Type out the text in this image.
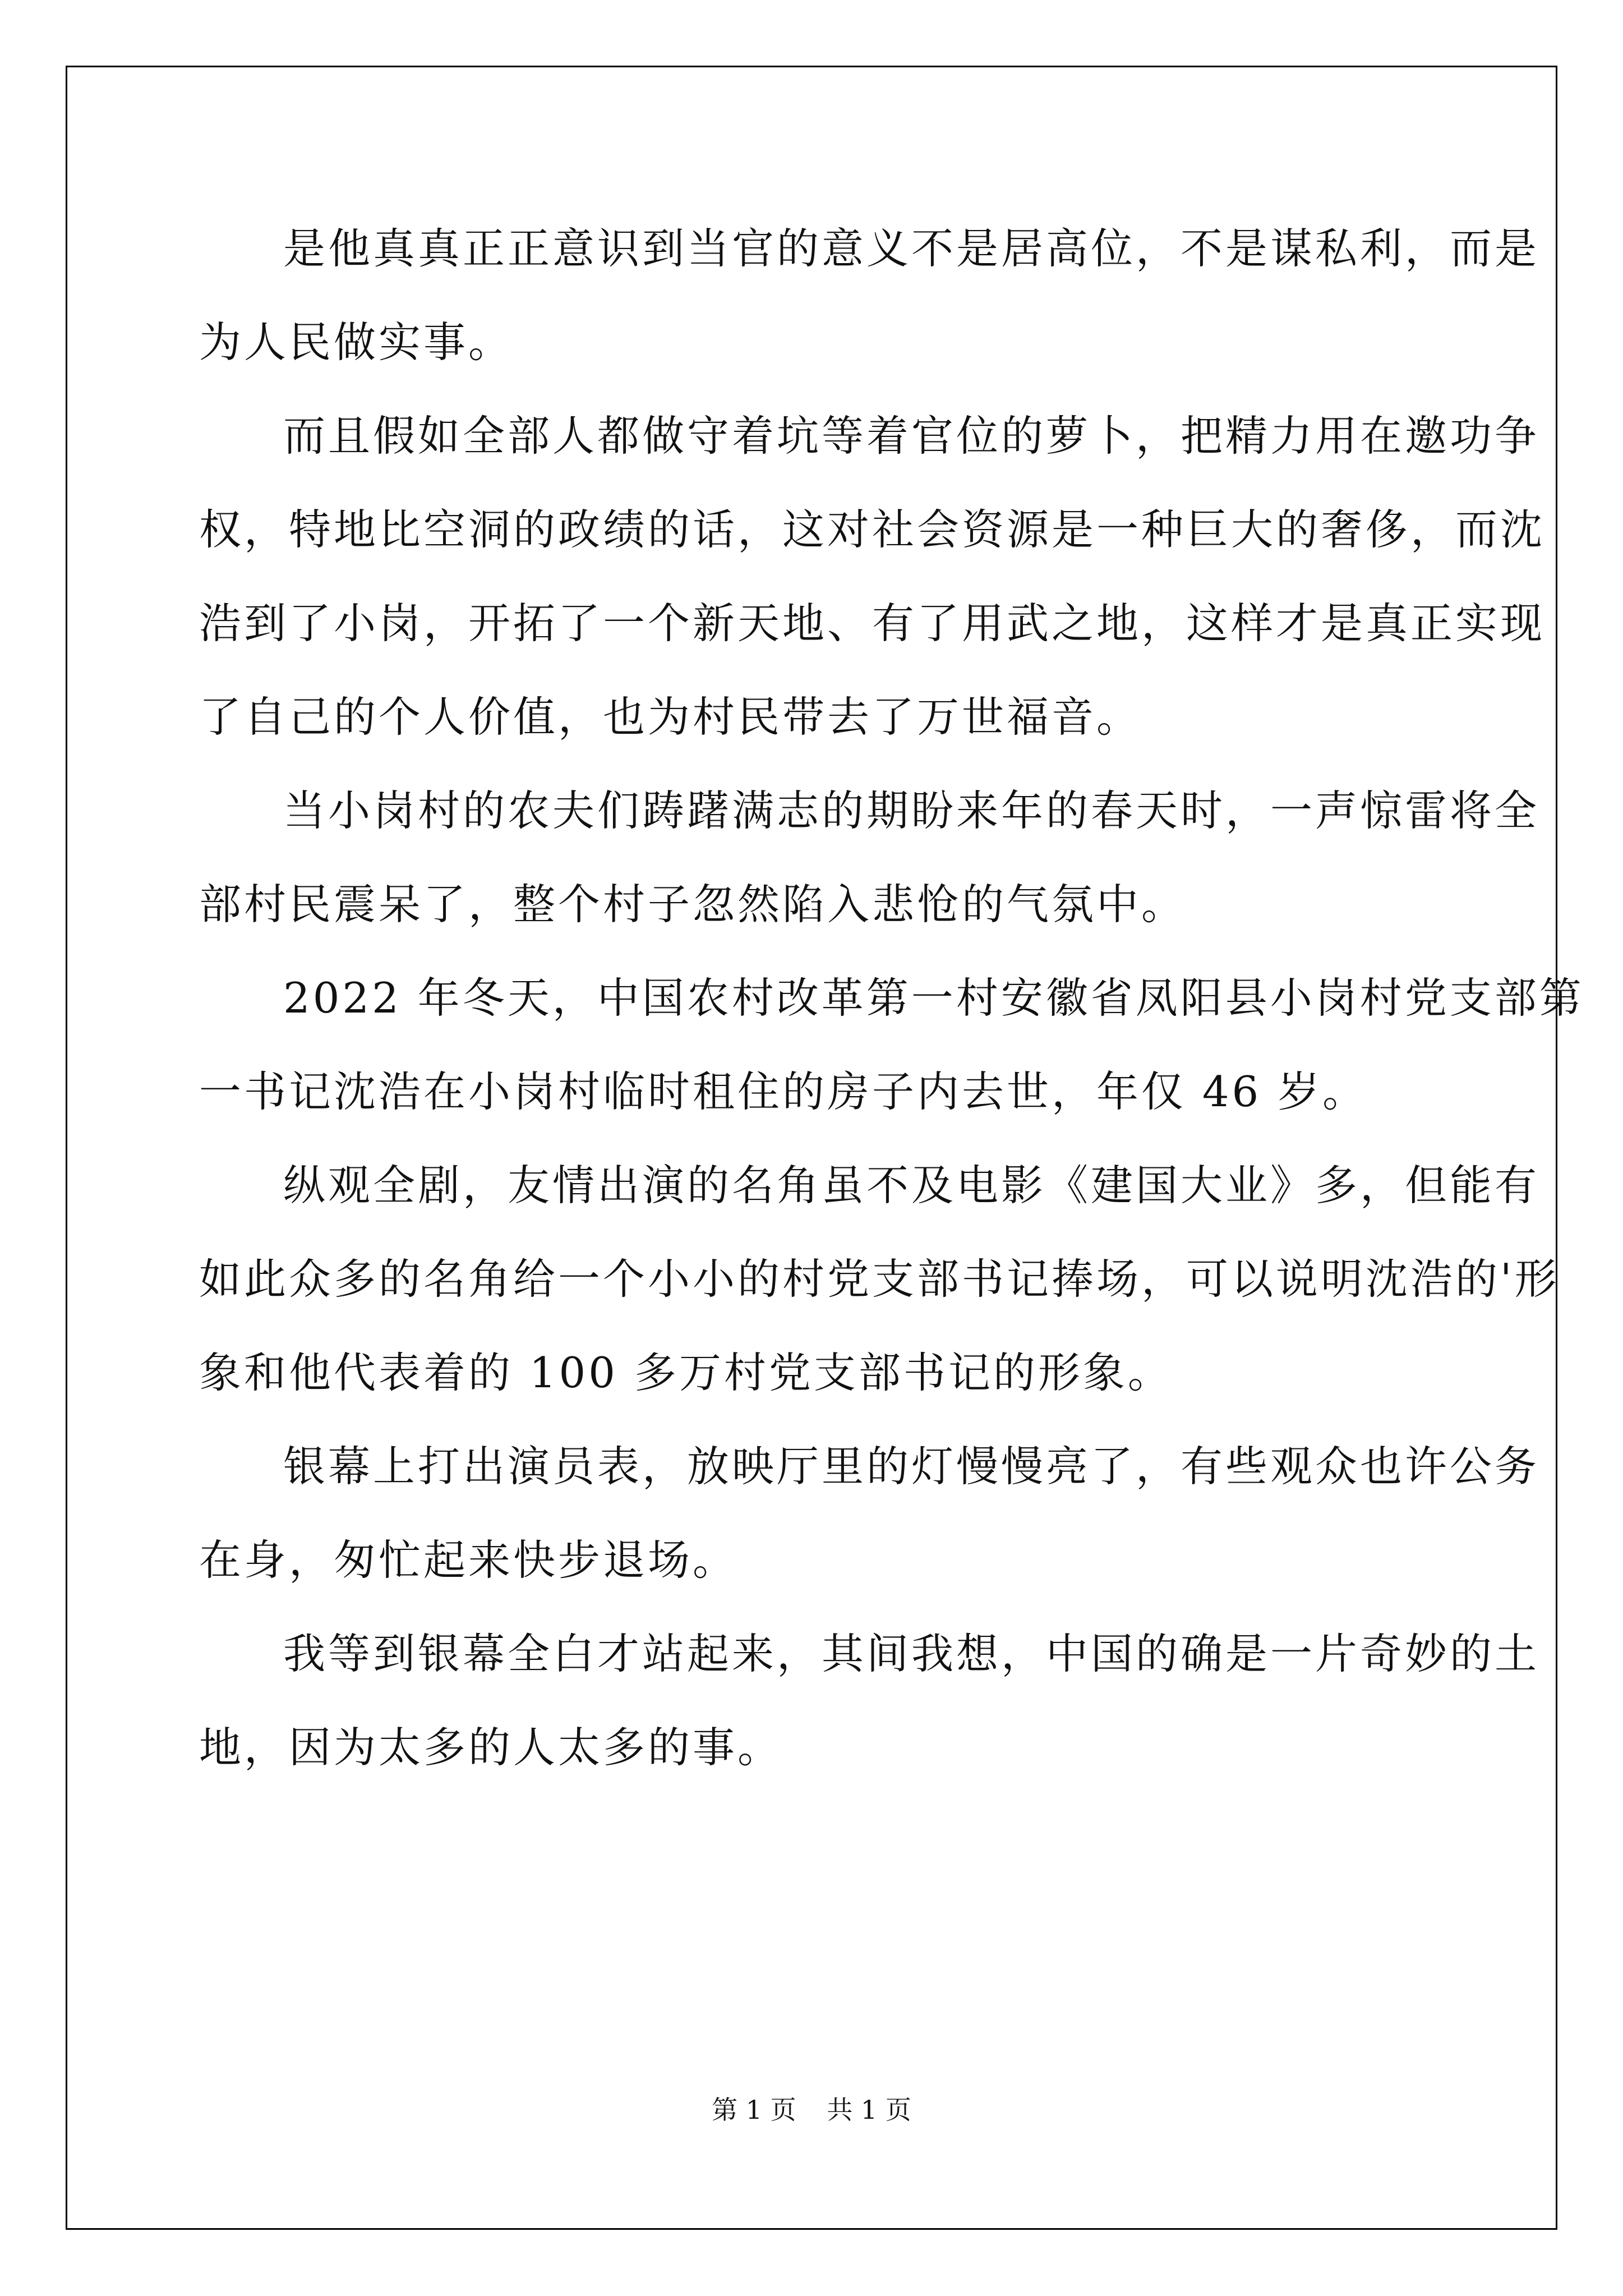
是他真真正正意识到当官的意义不是居高位，不是谋私利，而是
为人民做实事。

而且假如全部人都做守着坑等着官位的萝卜，把精力用在邀功争
权，特地比空洞的政绩的话，这对社会资源是一种巨大的奢侈，而沈
浩到了小岗，开拓了一个新天地、有了用武之地，这样才是真正实现
了自己的个人价值，也为村民带去了万世福音。

当小岗村的农夫们踌躇满志的期盼来年的春天时，一声惊雷将全
部村民震呆了，整个村子忽然陷入悲怆的气氛中。

2022 年冬天，中国农村改革第一村安徽省凤阳县小岗村党支部第
一书记沈浩在小岗村临时租住的房子内去世，年仅 46 岁。

纵观全剧，友情出演的名角虽不及电影《建国大业》多，但能有
如此众多的名角给一个小小的村党支部书记捧场，可以说明沈浩的'形
象和他代表着的 100 多万村党支部书记的形象。

银幕上打出演员表，放映厅里的灯慢慢亮了，有些观众也许公务
在身，匆忙起来快步退场。

我等到银幕全白才站起来，其间我想，中国的确是一片奇妙的土
地，因为太多的人太多的事。

第 1 页 共 1 页
